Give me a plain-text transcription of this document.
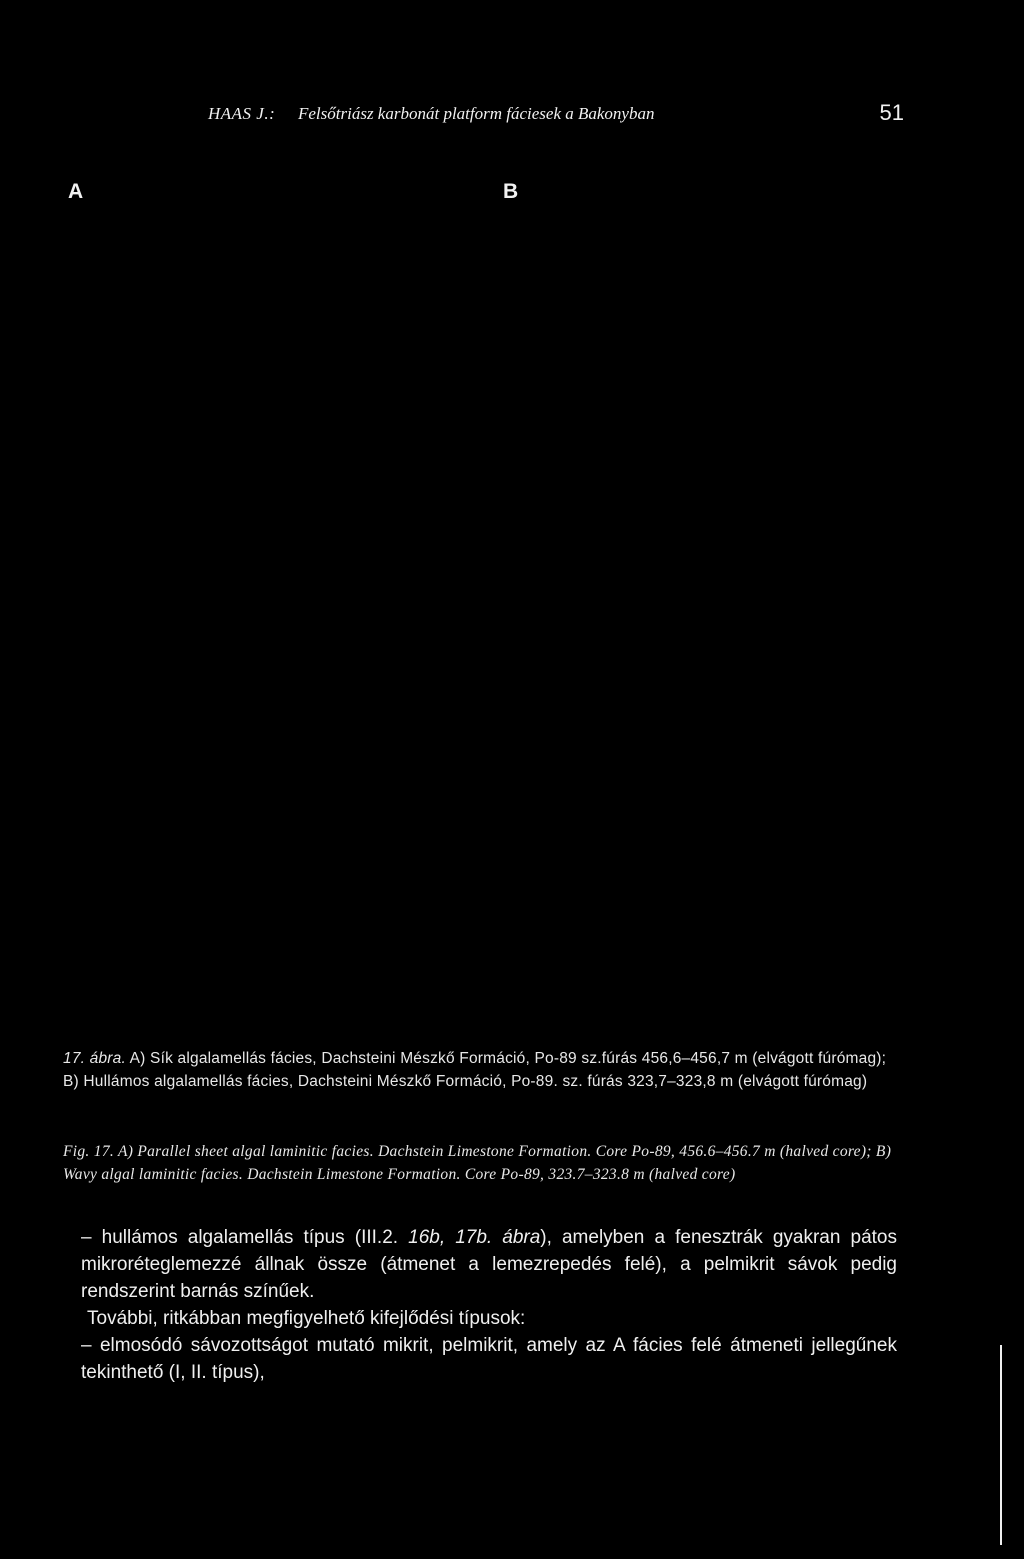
HAAS J.: Felsőtriász karbonát platform fáciesek a Bakonyban	51
A	B
17. ábra. A) Sík algalamellás fácies, Dachsteini Mészkő Formáció, Po-89 sz.fúrás 456,6–456,7 m (elvágott fúrómag); B) Hullámos algalamellás fácies, Dachsteini Mészkő Formáció, Po-89. sz. fúrás 323,7–323,8 m (elvágott fúrómag)
Fig. 17. A) Parallel sheet algal laminitic facies. Dachstein Limestone Formation. Core Po-89, 456.6–456.7 m (halved core); B) Wavy algal laminitic facies. Dachstein Limestone Formation. Core Po-89, 323.7–323.8 m (halved core)

– hullámos algalamellás típus (III.2. 16b, 17b. ábra), amelyben a fenesztrák gyakran pátos mikroréteglemezzé állnak össze (átmenet a lemezrepedés felé), a pelmikrit sávok pedig rendszerint barnás színűek.

További, ritkábban megfigyelhető kifejlődési típusok:

– elmosódó sávozottságot mutató mikrit, pelmikrit, amely az A fácies felé átmeneti jellegűnek tekinthető (I, II. típus),
